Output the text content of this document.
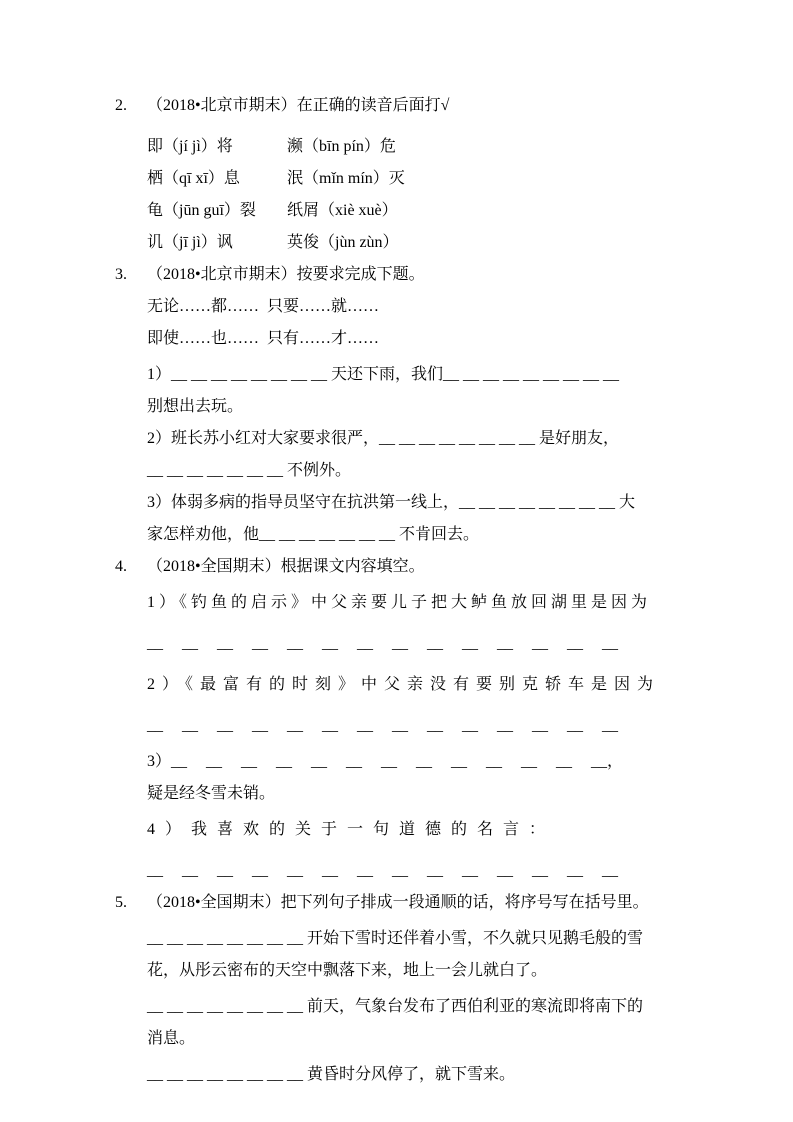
2. （2018•北京市期末）在正确的读音后面打√

即（jí jì）将	濒（bīn pín）危

栖（qī xī）息	泯（mǐn mín）灭

龟（jūn guī）裂 纸屑（xiè xuè）

讥（jī jì）讽	英俊（jùn zùn）

3. （2018•北京市期末）按要求完成下题。

无论……都……  只要……就……

即使……也……  只有……才……

1）__ __ __ __ __ __ __ __ 天还下雨，我们__ __ __ __ __ __ __ __ __

别想出去玩。

2）班长苏小红对大家要求很严，__ __ __ __ __ __ __ __ 是好朋友，

__ __ __ __ __ __ __ 不例外。

3）体弱多病的指导员坚守在抗洪第一线上，__ __ __ __ __ __ __ __ 大

家怎样劝他，他__ __ __ __ __ __ __ 不肯回去。

4. （2018•全国期末）根据课文内容填空。

1）《钓鱼的启示》中父亲要儿子把大鲈鱼放回湖里是因为

__ __ __ __ __ __ __ __ __ __ __ __ __ __

2）《最富有的时刻》中父亲没有要别克轿车是因为

__ __ __ __ __ __ __ __ __ __ __ __ __ __

3）__ __ __ __ __ __ __ __ __ __ __ __ __，

疑是经冬雪未销。

4）我喜欢的关于一句道德的名言：

__ __ __ __ __ __ __ __ __ __ __ __ __ __

5. （2018•全国期末）把下列句子排成一段通顺的话，将序号写在括号里。

__ __ __ __ __ __ __ __ 开始下雪时还伴着小雪，不久就只见鹅毛般的雪

花，从彤云密布的天空中飘落下来，地上一会儿就白了。

__ __ __ __ __ __ __ __ 前天，气象台发布了西伯利亚的寒流即将南下的

消息。

__ __ __ __ __ __ __ __ 黄昏时分风停了，就下雪来。
